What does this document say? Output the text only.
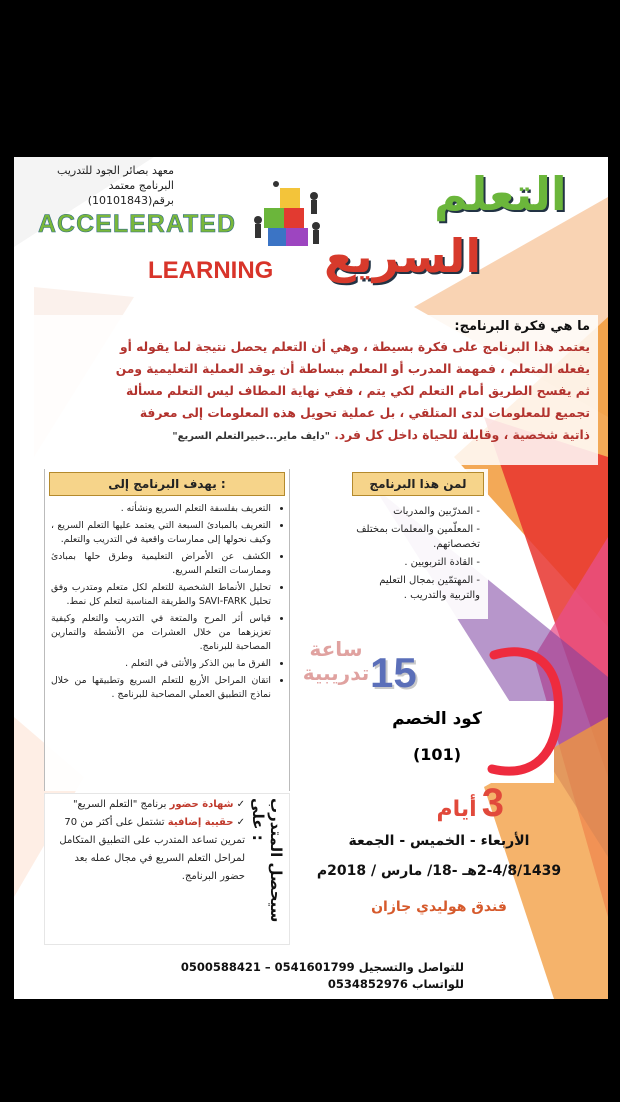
معهد بصائر الجود للتدريب
البرنامج معتمد برقم(10101843)
ACCELERATED
LEARNING
التعلم
السريع
ما هي فكرة البرنامج:
يعتمد هذا البرنامج على فكرة بسيطة ، وهي أن التعلم يحصل نتيجة لما يقوله أو
يفعله المتعلم ، فمهمة المدرب أو المعلم ببساطة أن يوقد العملية التعليمية ومن
ثم يفسح الطريق أمام التعلم لكي يتم ، ففي نهاية المطاف ليس التعلم مسألة
تجميع للمعلومات لدى المتلقي ، بل عملية تحويل هذه المعلومات إلى معرفة
ذاتية شخصية ، وقابلة للحياة داخل كل فرد. "دايف ماير...خبيرالتعلم السريع"
يهدف البرنامج إلى :
• التعريف بفلسفة التعلم السريع ونشأته .
• التعريف بالمبادئ السبعة التي يعتمد عليها التعلم السريع ، وكيف نحولها إلى ممارسات واقعية في التدريب والتعلم.
• الكشف عن الأمراض التعليمية وطرق حلها بمبادئ وممارسات التعلم السريع.
• تحليل الأنماط الشخصية للتعلم لكل متعلم ومتدرب وفق تحليل SAVI-FARK والطريقة المناسبة لتعلم كل نمط.
• قياس أثر المرح والمتعة في التدريب والتعلم وكيفية تعزيزهما من خلال العشرات من الأنشطة والتمارين المصاحبة للبرنامج.
• الفرق ما بين الذكر والأنثى في التعلم .
• اتقان المراحل الأربع للتعلم السريع وتطبيقها من خلال نماذج التطبيق العملي المصاحبة للبرنامج .
لمن هذا البرنامج
- المدرّبين والمدربات
- المعلّمين والمعلمات بمختلف تخصصاتهم.
- القادة التربويين .
- المهتمّين بمجال التعليم والتربية والتدريب .
15
ساعة
تدريبية
كود الخصم
(101)
3 أيام
الأربعاء - الخميس - الجمعة
2-4/8/1439هـ -18/ مارس / 2018م
فندق هوليدي جازان
سيحصل المتدرب على :
✓ شهادة حضور برنامج "التعلم السريع"
✓ حقيبة إضافية تشتمل على أكثر من 70 تمرين تساعد المتدرب على التطبيق المتكامل لمراحل التعلم السريع في مجال عمله بعد حضور البرنامج.
للتواصل والتسجيل 0541601799 – 0500588421
للواتساب 0534852976
